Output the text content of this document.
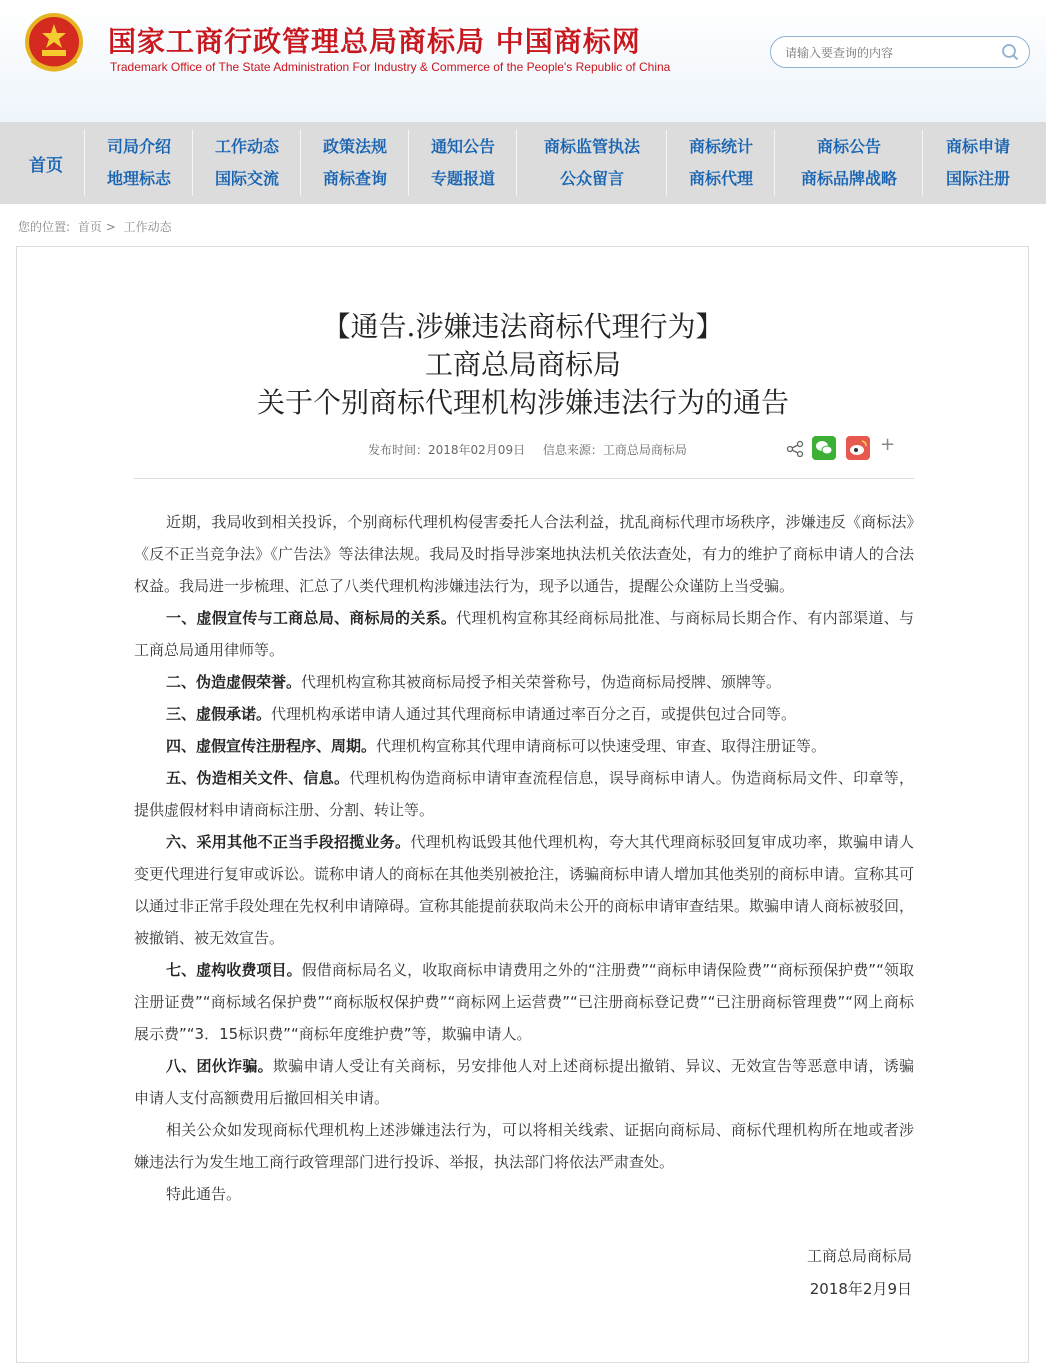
国家工商行政管理总局商标局 中国商标网
Trademark Office of The State Administration For Industry & Commerce of the People's Republic of China
请输入要查询的内容
首页
司局介绍
地理标志
工作动态
国际交流
政策法规
商标查询
通知公告
专题报道
商标监管执法
公众留言
商标统计
商标代理
商标公告
商标品牌战略
商标申请
国际注册
您的位置: 首页 > 工作动态
【通告.涉嫌违法商标代理行为】
工商总局商标局
关于个别商标代理机构涉嫌违法行为的通告
发布时间：2018年02月09日 信息来源：工商总局商标局	+

近期，我局收到相关投诉，个别商标代理机构侵害委托人合法利益，扰乱商标代理市场秩序，涉嫌违反《商标法》《反不正当竞争法》《广告法》等法律法规。我局及时指导涉案地执法机关依法查处，有力的维护了商标申请人的合法权益。我局进一步梳理、汇总了八类代理机构涉嫌违法行为，现予以通告，提醒公众谨防上当受骗。

一、虚假宣传与工商总局、商标局的关系。代理机构宣称其经商标局批准、与商标局长期合作、有内部渠道、与工商总局通用律师等。

二、伪造虚假荣誉。代理机构宣称其被商标局授予相关荣誉称号，伪造商标局授牌、颁牌等。

三、虚假承诺。代理机构承诺申请人通过其代理商标申请通过率百分之百，或提供包过合同等。

四、虚假宣传注册程序、周期。代理机构宣称其代理申请商标可以快速受理、审查、取得注册证等。

五、伪造相关文件、信息。代理机构伪造商标申请审查流程信息，误导商标申请人。伪造商标局文件、印章等，提供虚假材料申请商标注册、分割、转让等。

六、采用其他不正当手段招揽业务。代理机构诋毁其他代理机构，夸大其代理商标驳回复审成功率，欺骗申请人变更代理进行复审或诉讼。谎称申请人的商标在其他类别被抢注，诱骗商标申请人增加其他类别的商标申请。宣称其可以通过非正常手段处理在先权利申请障碍。宣称其能提前获取尚未公开的商标申请审查结果。欺骗申请人商标被驳回，被撤销、被无效宣告。

七、虚构收费项目。假借商标局名义，收取商标申请费用之外的“注册费”“商标申请保险费”“商标预保护费”“领取注册证费”“商标域名保护费”“商标版权保护费”“商标网上运营费”“已注册商标登记费”“已注册商标管理费”“网上商标展示费”“3．15标识费”“商标年度维护费”等，欺骗申请人。

八、团伙诈骗。欺骗申请人受让有关商标，另安排他人对上述商标提出撤销、异议、无效宣告等恶意申请，诱骗申请人支付高额费用后撤回相关申请。

相关公众如发现商标代理机构上述涉嫌违法行为，可以将相关线索、证据向商标局、商标代理机构所在地或者涉嫌违法行为发生地工商行政管理部门进行投诉、举报，执法部门将依法严肃查处。

特此通告。

工商总局商标局
2018年2月9日
